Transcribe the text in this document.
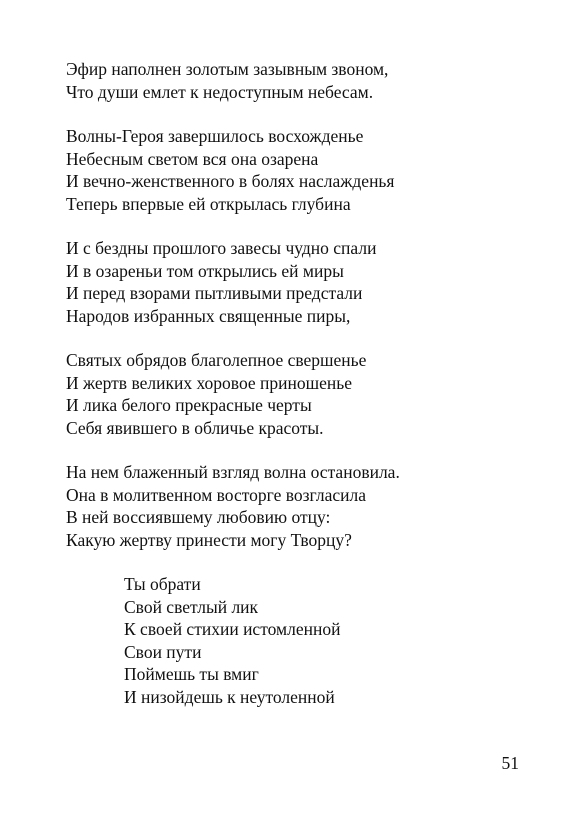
Эфир наполнен золотым зазывным звоном,
Что души емлет к недоступным небесам.
Волны-Героя завершилось восхожденье
Небесным светом вся она озарена
И вечно-женственного в болях наслажденья
Теперь впервые ей открылась глубина
И с бездны прошлого завесы чудно спали
И в озареньи том открылись ей миры
И перед взорами пытливыми предстали
Народов избранных священные пиры,
Святых обрядов благолепное свершенье
И жертв великих хоровое приношенье
И лика белого прекрасные черты
Себя явившего в обличье красоты.
На нем блаженный взгляд волна остановила.
Она в молитвенном восторге возгласила
В ней воссиявшему любовию отцу:
Какую жертву принести могу Творцу?
Ты обрати
Свой светлый лик
К своей стихии истомленной
Свои пути
Поймешь ты вмиг
И низойдешь к неутоленной
51
